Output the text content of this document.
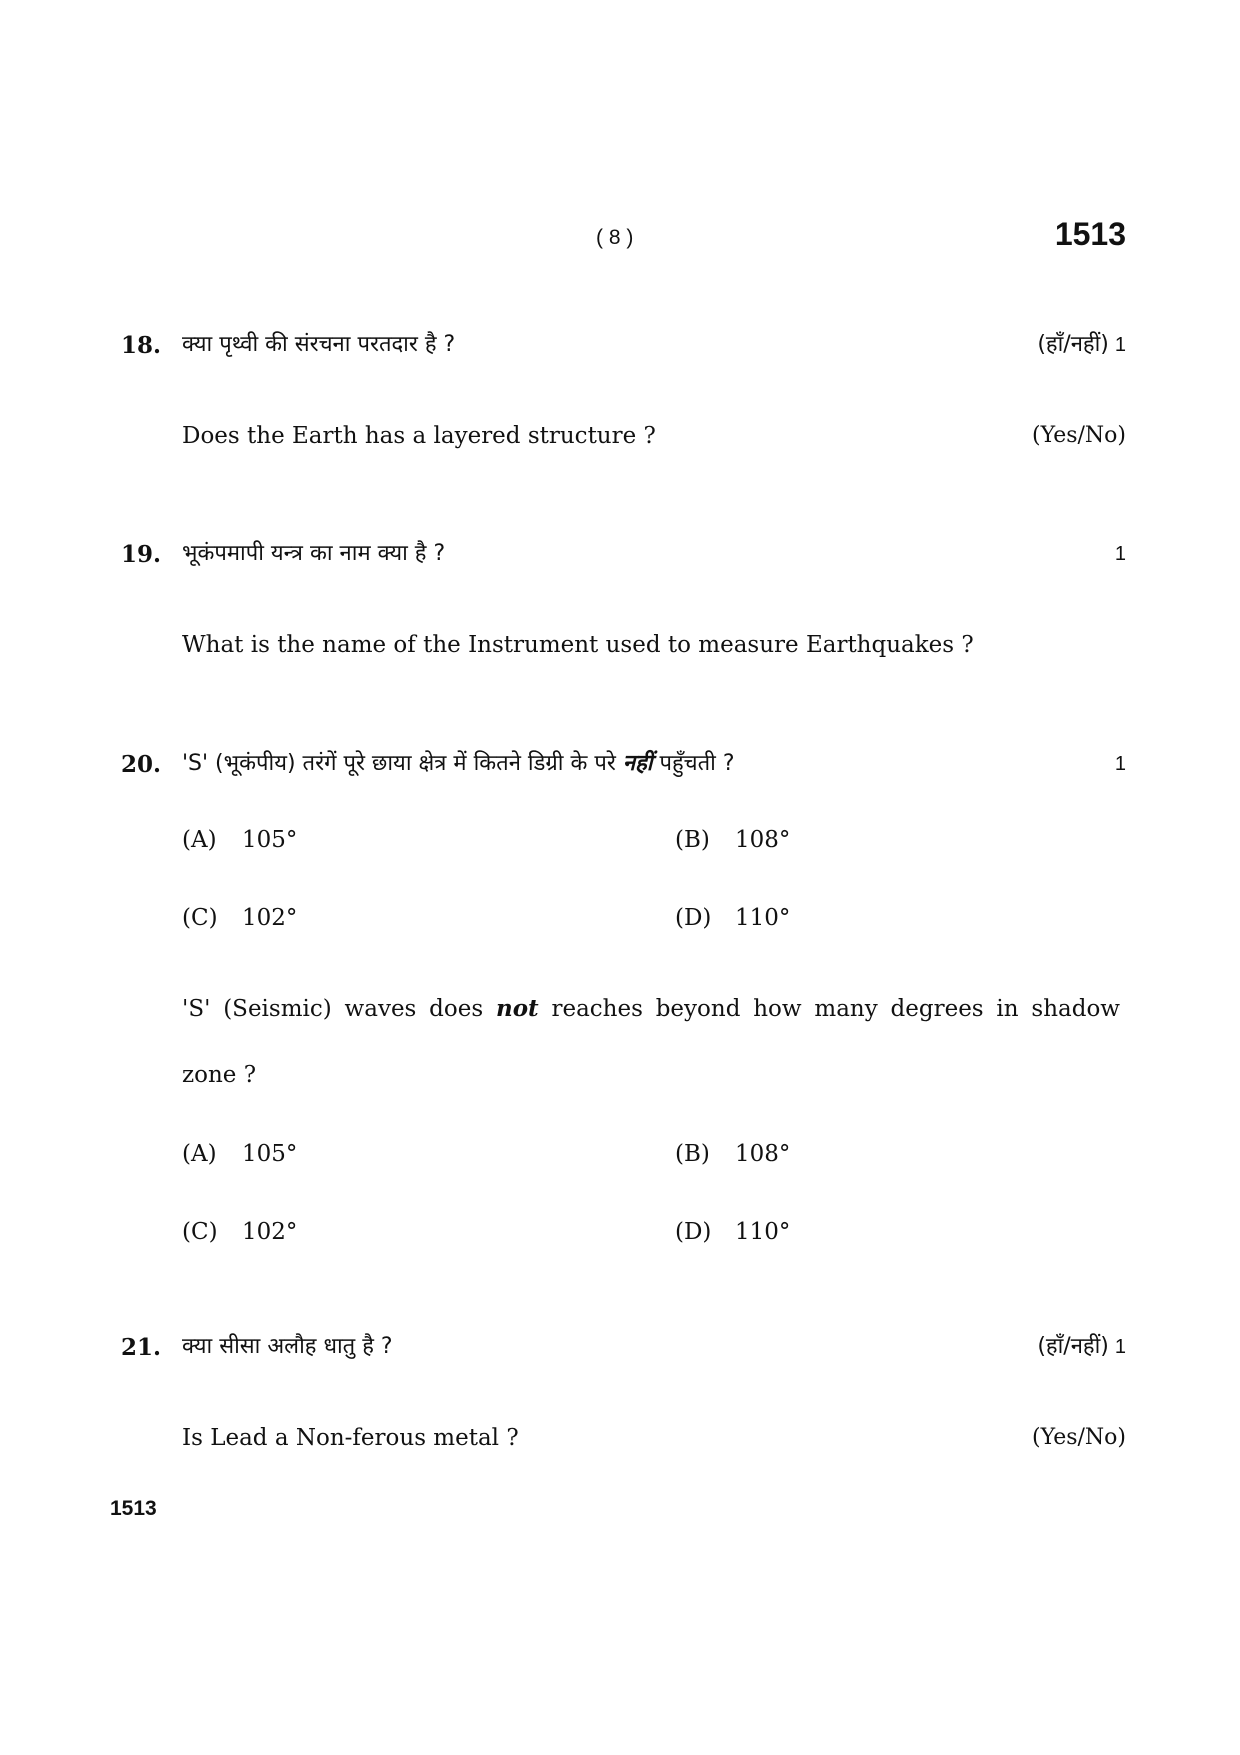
( 8 )	1513
18. क्या पृथ्वी की संरचना परतदार है ?	(हाँ/नहीं) 1
Does the Earth has a layered structure ?	(Yes/No)
19. भूकंपमापी यन्त्र का नाम क्या है ?	1
What is the name of the Instrument used to measure Earthquakes ?
20. 'S' (भूकंपीय) तरंगें पूरे छाया क्षेत्र में कितने डिग्री के परे नहीं पहुँचती ?	1
(A) 105°	(B) 108°
(C) 102°	(D) 110°
'S' (Seismic) waves does not reaches beyond how many degrees in shadow
zone ?
(A) 105°	(B) 108°
(C) 102°	(D) 110°
21. क्या सीसा अलौह धातु है ?	(हाँ/नहीं) 1
Is Lead a Non-ferous metal ?	(Yes/No)
1513
